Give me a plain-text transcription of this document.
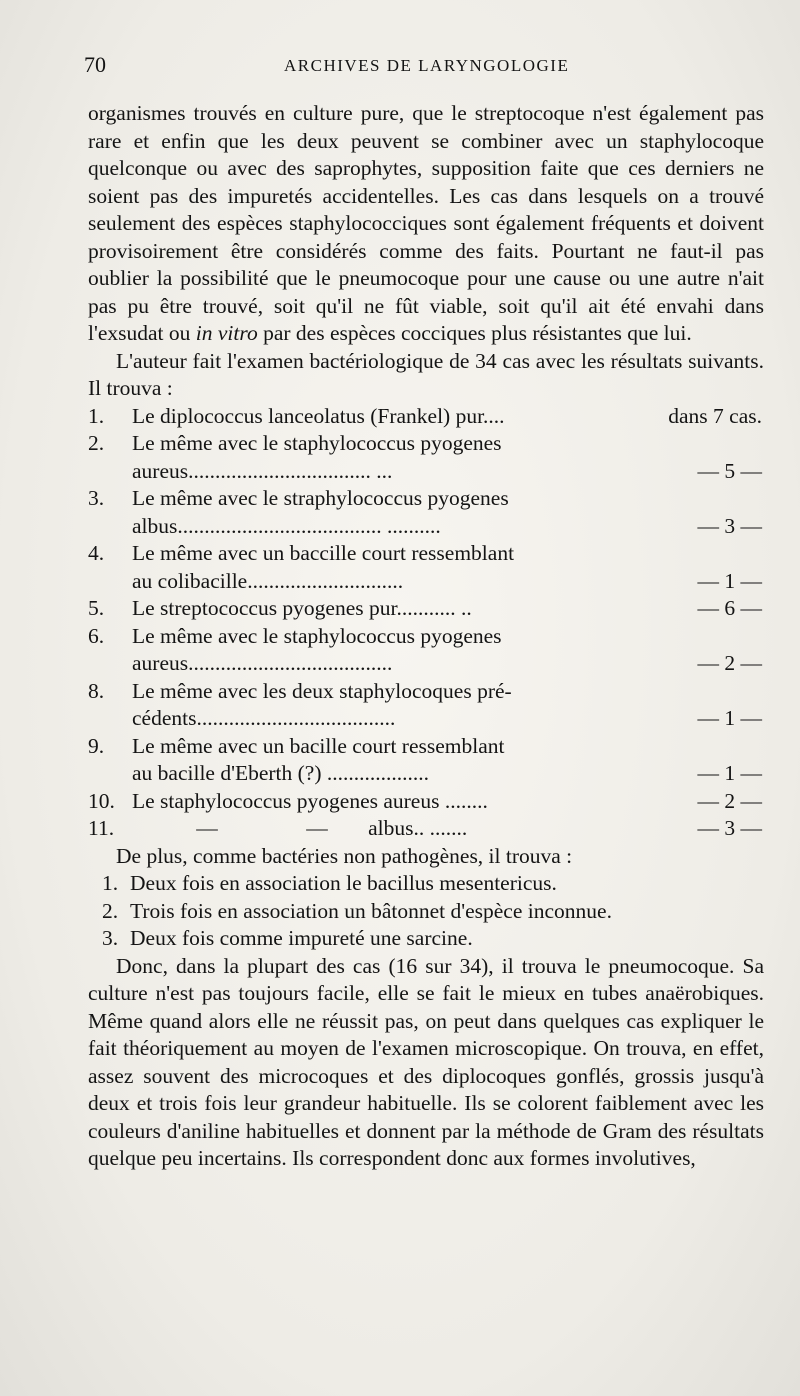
70	ARCHIVES DE LARYNGOLOGIE

organismes trouvés en culture pure, que le streptocoque n'est également pas rare et enfin que les deux peuvent se combiner avec un staphylocoque quelconque ou avec des saprophytes, supposition faite que ces derniers ne soient pas des impuretés accidentelles. Les cas dans lesquels on a trouvé seulement des espèces staphylococciques sont également fréquents et doivent provisoirement être considérés comme des faits. Pourtant ne faut-il pas oublier la possibilité que le pneumocoque pour une cause ou une autre n'ait pas pu être trouvé, soit qu'il ne fût viable, soit qu'il ait été envahi dans l'exsudat ou in vitro par des espèces cocciques plus résistantes que lui.

L'auteur fait l'examen bactériologique de 34 cas avec les résultats suivants. Il trouva :

1.	Le diplococcus lanceolatus (Frankel) pur....	dans 7 cas.
2.	Le même avec le staphylococcus pyogenes
aureus.................................. ...	— 5 —
3.	Le même avec le straphylococcus pyogenes
albus...................................... ..........	— 3 —
4.	Le même avec un baccille court ressemblant
au colibacille.............................	— 1 —
5.	Le streptococcus pyogenes pur........... ..	— 6 —
6.	Le même avec le staphylococcus pyogenes
aureus......................................	— 2 —
8.	Le même avec les deux staphylocoques pré-
cédents.....................................	— 1 —
9.	Le même avec un bacille court ressemblant
au bacille d'Eberth (?) ...................	— 1 —
10. Le staphylococcus pyogenes aureus ........	— 2 —
11.	—	— albus.. .......	— 3 —

De plus, comme bactéries non pathogènes, il trouva :

1. Deux fois en association le bacillus mesentericus.
2. Trois fois en association un bâtonnet d'espèce inconnue.
3. Deux fois comme impureté une sarcine.

Donc, dans la plupart des cas (16 sur 34), il trouva le pneumocoque. Sa culture n'est pas toujours facile, elle se fait le mieux en tubes anaërobiques. Même quand alors elle ne réussit pas, on peut dans quelques cas expliquer le fait théoriquement au moyen de l'examen microscopique. On trouva, en effet, assez souvent des microcoques et des diplocoques gonflés, grossis jusqu'à deux et trois fois leur grandeur habituelle. Ils se colorent faiblement avec les couleurs d'aniline habituelles et donnent par la méthode de Gram des résultats quelque peu incertains. Ils correspondent donc aux formes involutives,
